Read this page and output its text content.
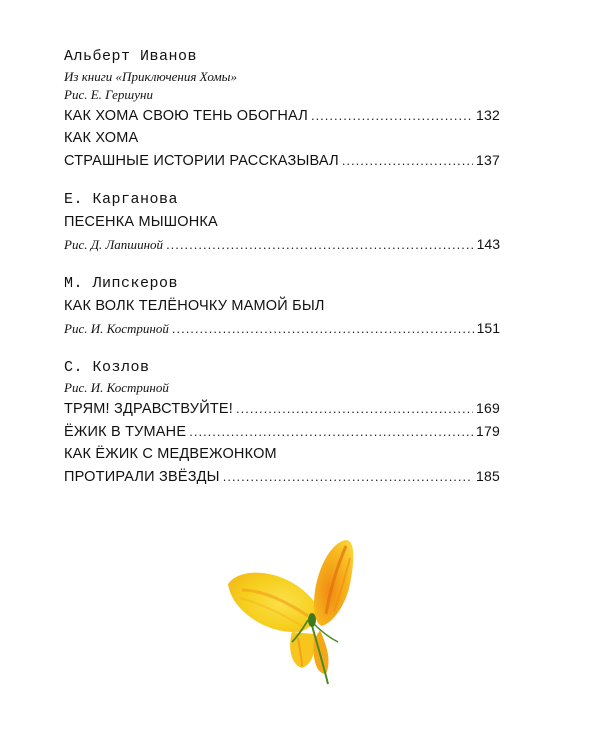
Альберт Иванов
Из книги «Приключения Хомы»
Рис. Е. Гершуни
КАК ХОМА СВОЮ ТЕНЬ ОБОГНАЛ .....	132
КАК ХОМА
СТРАШНЫЕ ИСТОРИИ РАССКАЗЫВАЛ .....	137
Е. Карганова
ПЕСЕНКА МЫШОНКА
Рис. Д. Лапшиной .....	143
М. Липскеров
КАК ВОЛК ТЕЛЁНОЧКУ МАМОЙ БЫЛ
Рис. И. Костриной .....	151
С. Козлов
Рис. И. Костриной
ТРЯМ! ЗДРАВСТВУЙТЕ! .....	169
ЁЖИК В ТУМАНЕ .....	179
КАК ЁЖИК С МЕДВЕЖОНКОМ
ПРОТИРАЛИ ЗВЁЗДЫ .....	185
